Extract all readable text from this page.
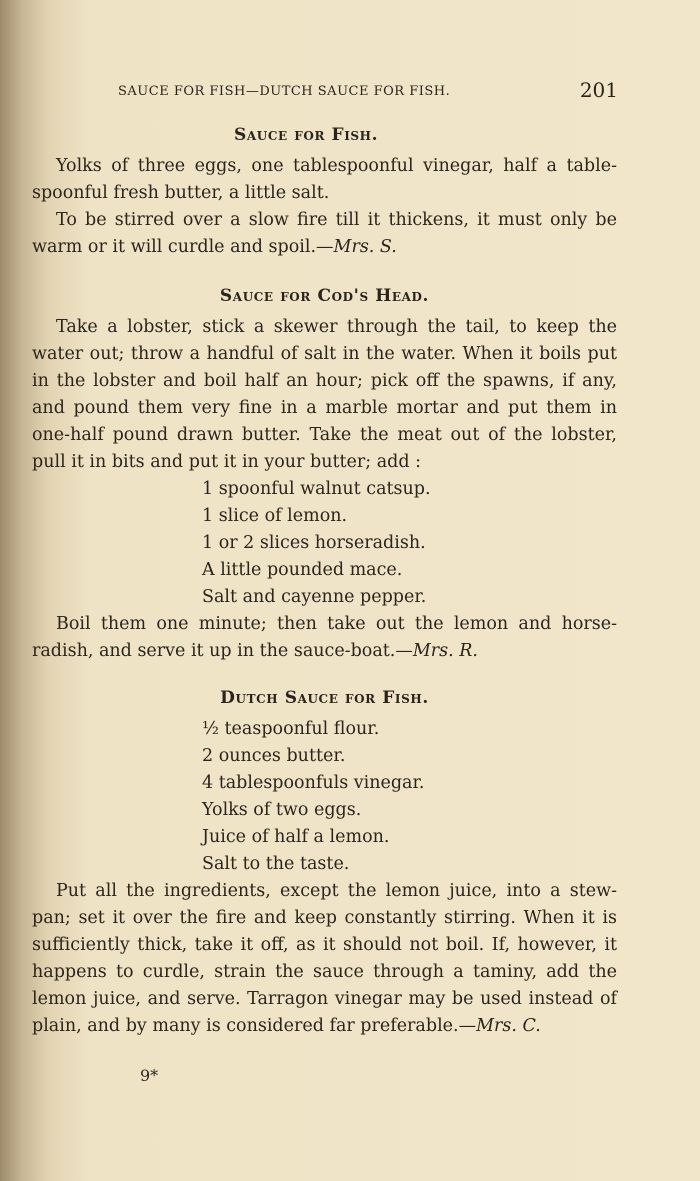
SAUCE FOR FISH—DUTCH SAUCE FOR FISH.	201
Sauce for Fish.

Yolks of three eggs, one tablespoonful vinegar, half a table-spoonful fresh butter, a little salt.

To be stirred over a slow fire till it thickens, it must only be warm or it will curdle and spoil.—Mrs. S.

Sauce for Cod's Head.

Take a lobster, stick a skewer through the tail, to keep the water out; throw a handful of salt in the water. When it boils put in the lobster and boil half an hour; pick off the spawns, if any, and pound them very fine in a marble mortar and put them in one-half pound drawn butter. Take the meat out of the lobster, pull it in bits and put it in your butter; add :

1 spoonful walnut catsup.
1 slice of lemon.
1 or 2 slices horseradish.
A little pounded mace.
Salt and cayenne pepper.

Boil them one minute; then take out the lemon and horse-radish, and serve it up in the sauce-boat.—Mrs. R.

Dutch Sauce for Fish.
½ teaspoonful flour.
2 ounces butter.
4 tablespoonfuls vinegar.
Yolks of two eggs.
Juice of half a lemon.
Salt to the taste.

Put all the ingredients, except the lemon juice, into a stew-pan; set it over the fire and keep constantly stirring. When it is sufficiently thick, take it off, as it should not boil. If, however, it happens to curdle, strain the sauce through a taminy, add the lemon juice, and serve. Tarragon vinegar may be used instead of plain, and by many is considered far preferable.—Mrs. C.

9*
